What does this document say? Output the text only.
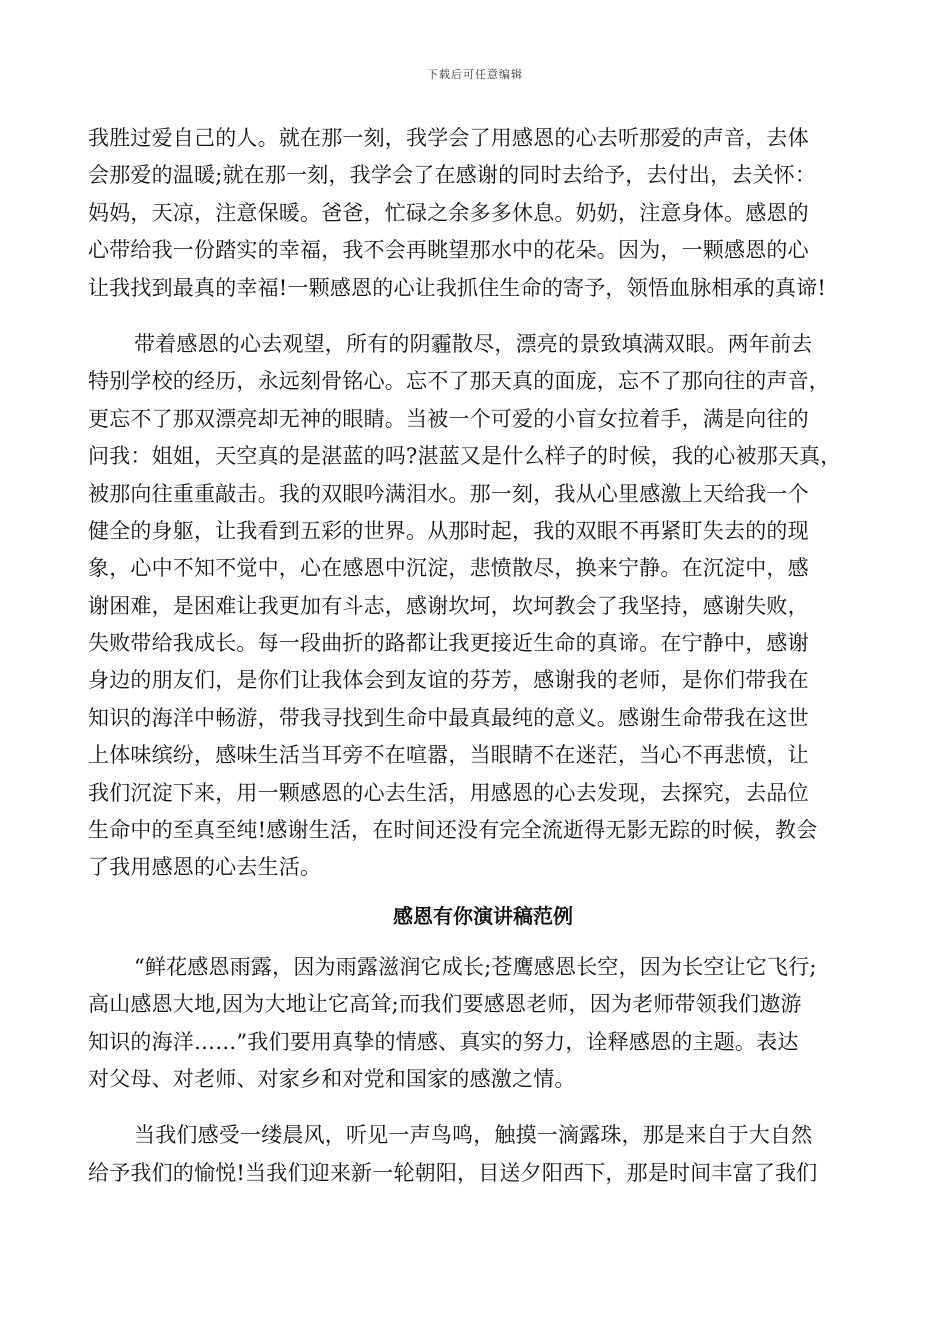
下载后可任意编辑
我胜过爱自己的人。就在那一刻，我学会了用感恩的心去听那爱的声音，去体
会那爱的温暖;就在那一刻，我学会了在感谢的同时去给予，去付出，去关怀：
妈妈，天凉，注意保暖。爸爸，忙碌之余多多休息。奶奶，注意身体。感恩的
心带给我一份踏实的幸福，我不会再眺望那水中的花朵。因为，一颗感恩的心
让我找到最真的幸福!一颗感恩的心让我抓住生命的寄予，领悟血脉相承的真谛!
带着感恩的心去观望，所有的阴霾散尽，漂亮的景致填满双眼。两年前去
特别学校的经历，永远刻骨铭心。忘不了那天真的面庞，忘不了那向往的声音，
更忘不了那双漂亮却无神的眼睛。当被一个可爱的小盲女拉着手，满是向往的
问我：姐姐，天空真的是湛蓝的吗?湛蓝又是什么样子的时候，我的心被那天真，
被那向往重重敲击。我的双眼吟满泪水。那一刻，我从心里感激上天给我一个
健全的身躯，让我看到五彩的世界。从那时起，我的双眼不再紧盯失去的的现
象，心中不知不觉中，心在感恩中沉淀，悲愤散尽，换来宁静。在沉淀中，感
谢困难，是困难让我更加有斗志，感谢坎坷，坎坷教会了我坚持，感谢失败，
失败带给我成长。每一段曲折的路都让我更接近生命的真谛。在宁静中，感谢
身边的朋友们，是你们让我体会到友谊的芬芳，感谢我的老师，是你们带我在
知识的海洋中畅游，带我寻找到生命中最真最纯的意义。感谢生命带我在这世
上体味缤纷，感味生活当耳旁不在喧嚣，当眼睛不在迷茫，当心不再悲愤，让
我们沉淀下来，用一颗感恩的心去生活，用感恩的心去发现，去探究，去品位
生命中的至真至纯!感谢生活，在时间还没有完全流逝得无影无踪的时候，教会
了我用感恩的心去生活。
感恩有你演讲稿范例
“鲜花感恩雨露，因为雨露滋润它成长;苍鹰感恩长空，因为长空让它飞行;
高山感恩大地,因为大地让它高耸;而我们要感恩老师，因为老师带领我们遨游
知识的海洋……”我们要用真挚的情感、真实的努力，诠释感恩的主题。表达
对父母、对老师、对家乡和对党和国家的感激之情。
当我们感受一缕晨风，听见一声鸟鸣，触摸一滴露珠，那是来自于大自然
给予我们的愉悦!当我们迎来新一轮朝阳，目送夕阳西下，那是时间丰富了我们
